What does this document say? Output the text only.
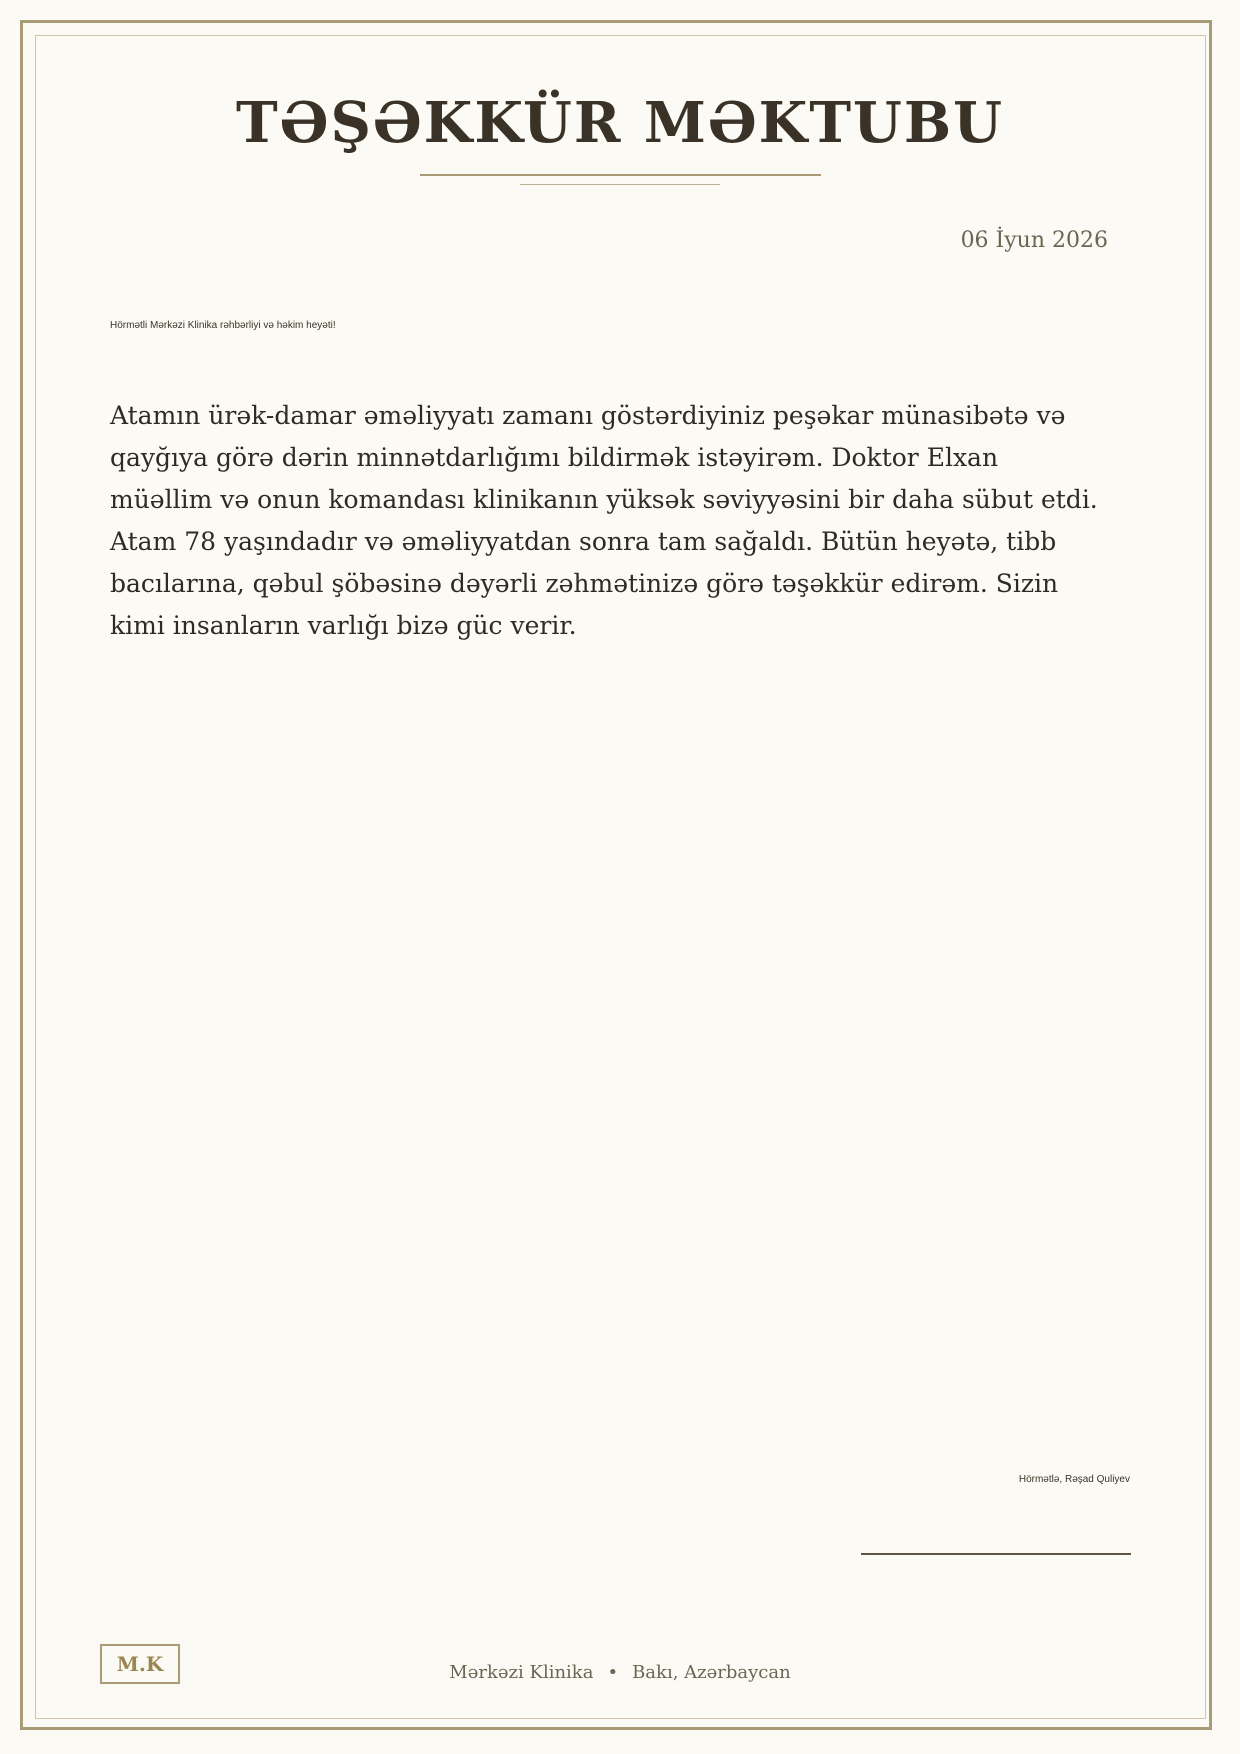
TƏŞƏKKÜR MƏKTUBU
06 İyun 2026
Hörmətli Mərkəzi Klinika rəhbərliyi və həkim heyəti!

Atamın ürək-damar əməliyyatı zamanı göstərdiyiniz peşəkar münasibətə və qayğıya görə dərin minnətdarlığımı bildirmək istəyirəm. Doktor Elxan müəllim və onun komandası klinikanın yüksək səviyyəsini bir daha sübut etdi. Atam 78 yaşındadır və əməliyyatdan sonra tam sağaldı. Bütün heyətə, tibb bacılarına, qəbul şöbəsinə dəyərli zəhmətinizə görə təşəkkür edirəm. Sizin kimi insanların varlığı bizə güc verir.

Hörmətlə, Rəşad Quliyev
M.K	Mərkəzi Klinika • Bakı, Azərbaycan
